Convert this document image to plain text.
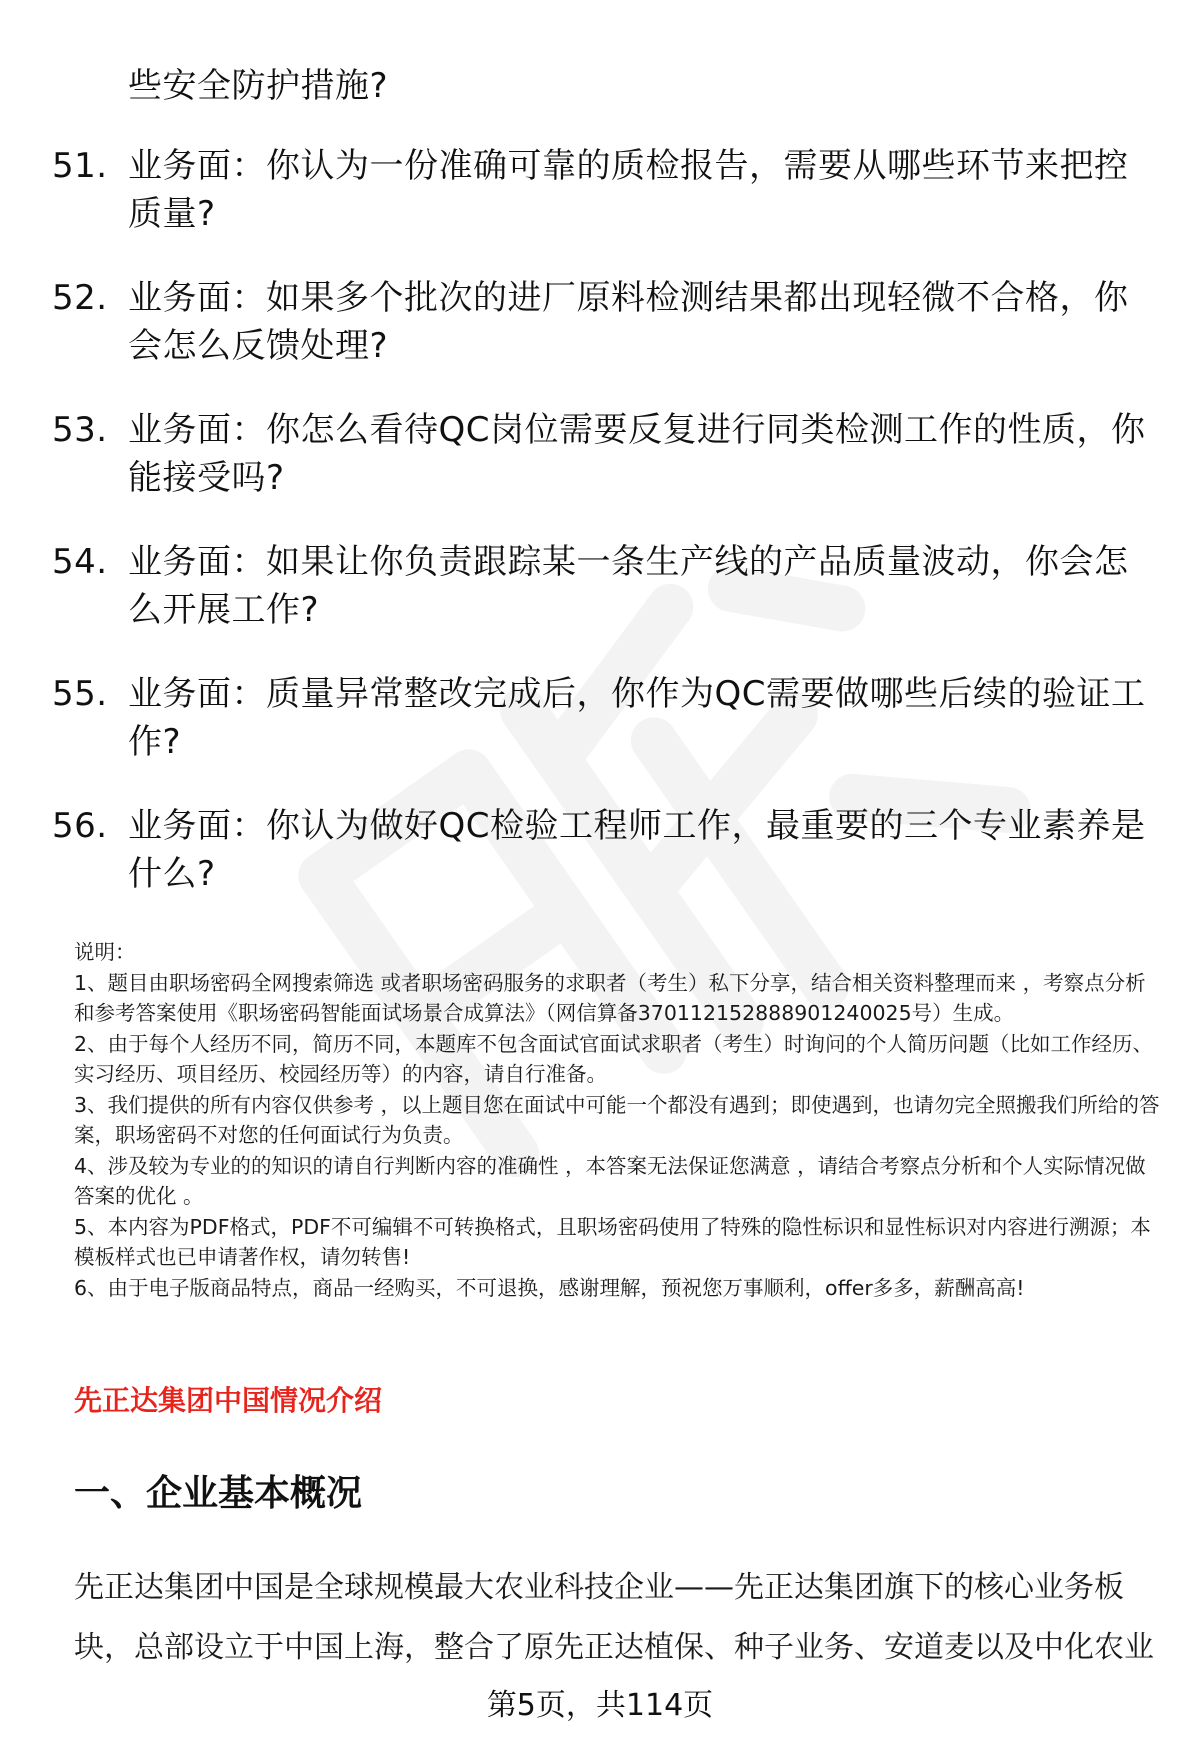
些安全防护措施?
51. 业务面：你认为一份准确可靠的质检报告，需要从哪些环节来把控质量?
52. 业务面：如果多个批次的进厂原料检测结果都出现轻微不合格，你会怎么反馈处理?
53. 业务面：你怎么看待QC岗位需要反复进行同类检测工作的性质，你能接受吗?
54. 业务面：如果让你负责跟踪某一条生产线的产品质量波动，你会怎么开展工作?
55. 业务面：质量异常整改完成后，你作为QC需要做哪些后续的验证工作?
56. 业务面：你认为做好QC检验工程师工作，最重要的三个专业素养是什么?

说明：

1、题目由职场密码全网搜索筛选 或者职场密码服务的求职者（考生）私下分享，结合相关资料整理而来 ，考察点分析和参考答案使用《职场密码智能面试场景合成算法》（网信算备370112152888901240025号）生成。

2、由于每个人经历不同，简历不同，本题库不包含面试官面试求职者（考生）时询问的个人简历问题（比如工作经历、实习经历、项目经历、校园经历等）的内容，请自行准备。

3、我们提供的所有内容仅供参考 ，以上题目您在面试中可能一个都没有遇到；即使遇到，也请勿完全照搬我们所给的答案，职场密码不对您的任何面试行为负责。

4、涉及较为专业的的知识的请自行判断内容的准确性 ，本答案无法保证您满意 ，请结合考察点分析和个人实际情况做答案的优化 。

5、本内容为PDF格式，PDF不可编辑不可转换格式，且职场密码使用了特殊的隐性标识和显性标识对内容进行溯源；本模板样式也已申请著作权，请勿转售!

6、由于电子版商品特点，商品一经购买，不可退换，感谢理解，预祝您万事顺利，offer多多，薪酬高高!

先正达集团中国情况介绍
一、企业基本概况

先正达集团中国是全球规模最大农业科技企业——先正达集团旗下的核心业务板块，总部设立于中国上海，整合了原先正达植保、种子业务、安道麦以及中化农业

第5页，共114页
